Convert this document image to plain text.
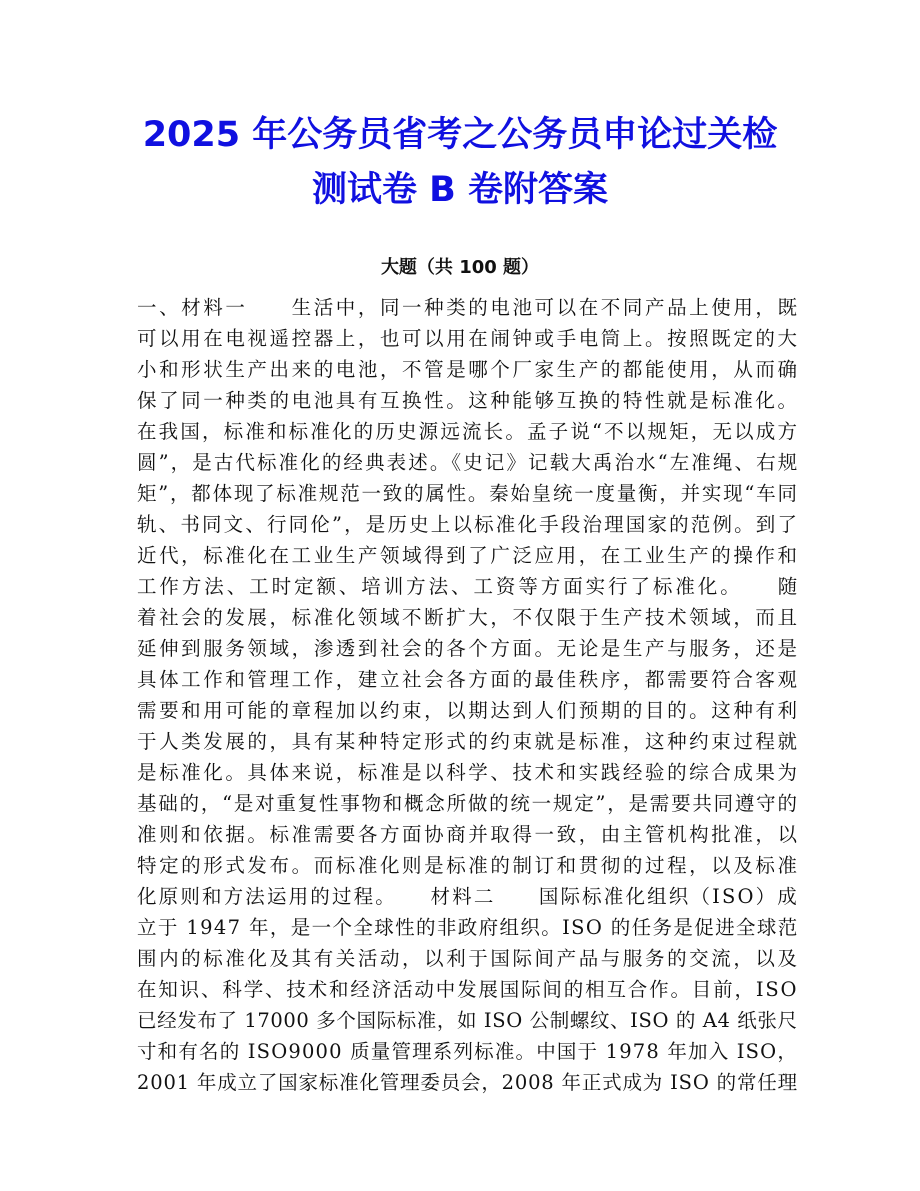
2025 年公务员省考之公务员申论过关检
测试卷 B 卷附答案
大题（共 100 题）
一、材料一　　生活中，同一种类的电池可以在不同产品上使用，既
可以用在电视遥控器上，也可以用在闹钟或手电筒上。按照既定的大
小和形状生产出来的电池，不管是哪个厂家生产的都能使用，从而确
保了同一种类的电池具有互换性。这种能够互换的特性就是标准化。
在我国，标准和标准化的历史源远流长。孟子说“不以规矩，无以成方
圆”，是古代标准化的经典表述。《史记》记载大禹治水“左准绳、右规
矩”，都体现了标准规范一致的属性。秦始皇统一度量衡，并实现“车同
轨、书同文、行同伦”，是历史上以标准化手段治理国家的范例。到了
近代，标准化在工业生产领域得到了广泛应用，在工业生产的操作和
工作方法、工时定额、培训方法、工资等方面实行了标准化。　　随
着社会的发展，标准化领域不断扩大，不仅限于生产技术领域，而且
延伸到服务领域，渗透到社会的各个方面。无论是生产与服务，还是
具体工作和管理工作，建立社会各方面的最佳秩序，都需要符合客观
需要和用可能的章程加以约束，以期达到人们预期的目的。这种有利
于人类发展的，具有某种特定形式的约束就是标准，这种约束过程就
是标准化。具体来说，标准是以科学、技术和实践经验的综合成果为
基础的，“是对重复性事物和概念所做的统一规定”，是需要共同遵守的
准则和依据。标准需要各方面协商并取得一致，由主管机构批准，以
特定的形式发布。而标准化则是标准的制订和贯彻的过程，以及标准
化原则和方法运用的过程。　　材料二　　国际标准化组织（ISO）成
立于 1947 年，是一个全球性的非政府组织。ISO 的任务是促进全球范
围内的标准化及其有关活动，以利于国际间产品与服务的交流，以及
在知识、科学、技术和经济活动中发展国际间的相互合作。目前，ISO
已经发布了 17000 多个国际标准，如 ISO 公制螺纹、ISO 的 A4 纸张尺
寸和有名的 ISO9000 质量管理系列标准。中国于 1978 年加入 ISO，
2001 年成立了国家标准化管理委员会，2008 年正式成为 ISO 的常任理
